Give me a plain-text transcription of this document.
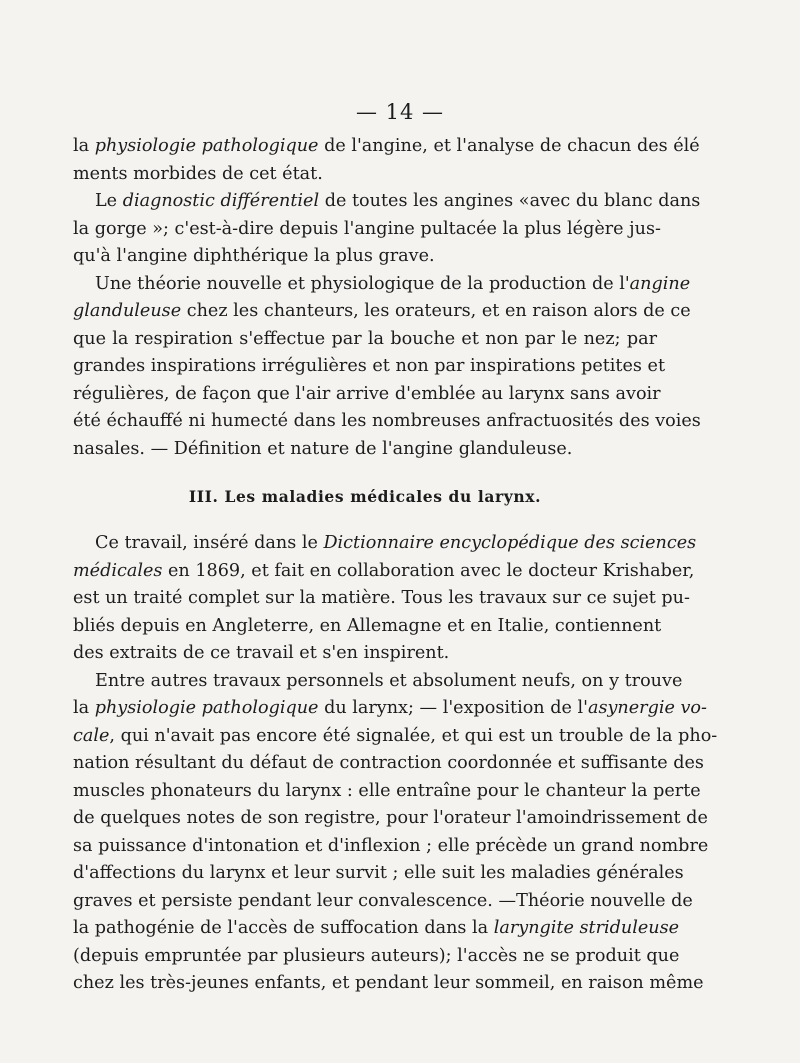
— 14 —
la physiologie pathologique de l'angine, et l'analyse de chacun des élé
ments morbides de cet état.
Le diagnostic différentiel de toutes les angines «avec du blanc dans
la gorge »; c'est-à-dire depuis l'angine pultacée la plus légère jus-
qu'à l'angine diphthérique la plus grave.
Une théorie nouvelle et physiologique de la production de l'angine
glanduleuse chez les chanteurs, les orateurs, et en raison alors de ce
que la respiration s'effectue par la bouche et non par le nez; par
grandes inspirations irrégulières et non par inspirations petites et
régulières, de façon que l'air arrive d'emblée au larynx sans avoir
été échauffé ni humecté dans les nombreuses anfractuosités des voies
nasales. — Définition et nature de l'angine glanduleuse.
III. Les maladies médicales du larynx.
Ce travail, inséré dans le Dictionnaire encyclopédique des sciences
médicales en 1869, et fait en collaboration avec le docteur Krishaber,
est un traité complet sur la matière. Tous les travaux sur ce sujet pu-
bliés depuis en Angleterre, en Allemagne et en Italie, contiennent
des extraits de ce travail et s'en inspirent.
Entre autres travaux personnels et absolument neufs, on y trouve
la physiologie pathologique du larynx; — l'exposition de l'asynergie vo-
cale, qui n'avait pas encore été signalée, et qui est un trouble de la pho-
nation résultant du défaut de contraction coordonnée et suffisante des
muscles phonateurs du larynx : elle entraîne pour le chanteur la perte
de quelques notes de son registre, pour l'orateur l'amoindrissement de
sa puissance d'intonation et d'inflexion ; elle précède un grand nombre
d'affections du larynx et leur survit ; elle suit les maladies générales
graves et persiste pendant leur convalescence. —Théorie nouvelle de
la pathogénie de l'accès de suffocation dans la laryngite striduleuse
(depuis empruntée par plusieurs auteurs); l'accès ne se produit que
chez les très-jeunes enfants, et pendant leur sommeil, en raison même
